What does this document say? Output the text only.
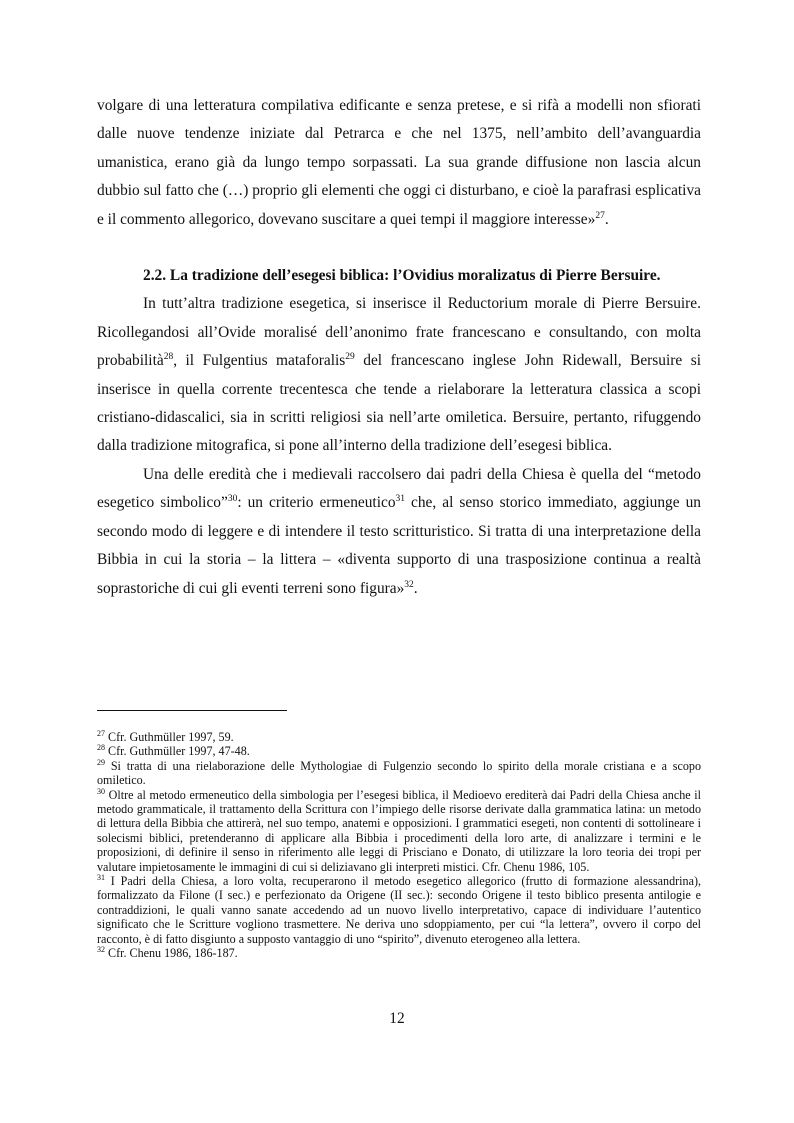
volgare di una letteratura compilativa edificante e senza pretese, e si rifà a modelli non sfiorati dalle nuove tendenze iniziate dal Petrarca e che nel 1375, nell’ambito dell’avanguardia umanistica, erano già da lungo tempo sorpassati. La sua grande diffusione non lascia alcun dubbio sul fatto che (…) proprio gli elementi che oggi ci disturbano, e cioè la parafrasi esplicativa e il commento allegorico, dovevano suscitare a quei tempi il maggiore interesse»$^{27}$.

2.2. La tradizione dell’esegesi biblica: l’Ovidius moralizatus di Pierre Bersuire.

In tutt’altra tradizione esegetica, si inserisce il Reductorium morale di Pierre Bersuire. Ricollegandosi all’Ovide moralisé dell’anonimo frate francescano e consultando, con molta probabilità$^{28}$, il Fulgentius mataforalis$^{29}$ del francescano inglese John Ridewall, Bersuire si inserisce in quella corrente trecentesca che tende a rielaborare la letteratura classica a scopi cristiano-didascalici, sia in scritti religiosi sia nell’arte omiletica. Bersuire, pertanto, rifuggendo dalla tradizione mitografica, si pone all’interno della tradizione dell’esegesi biblica.

Una delle eredità che i medievali raccolsero dai padri della Chiesa è quella del “metodo esegetico simbolico”$^{30}$: un criterio ermeneutico$^{31}$ che, al senso storico immediato, aggiunge un secondo modo di leggere e di intendere il testo scritturistico. Si tratta di una interpretazione della Bibbia in cui la storia – la littera – «diventa supporto di una trasposizione continua a realtà soprastoriche di cui gli eventi terreni sono figura»$^{32}$.

$^{27}$ Cfr. Guthmüller 1997, 59.

$^{28}$ Cfr. Guthmüller 1997, 47-48.

$^{29}$ Si tratta di una rielaborazione delle Mythologiae di Fulgenzio secondo lo spirito della morale cristiana e a scopo omiletico.

$^{30}$ Oltre al metodo ermeneutico della simbologia per l’esegesi biblica, il Medioevo erediterà dai Padri della Chiesa anche il metodo grammaticale, il trattamento della Scrittura con l’impiego delle risorse derivate dalla grammatica latina: un metodo di lettura della Bibbia che attirerà, nel suo tempo, anatemi e opposizioni. I grammatici esegeti, non contenti di sottolineare i solecismi biblici, pretenderanno di applicare alla Bibbia i procedimenti della loro arte, di analizzare i termini e le proposizioni, di definire il senso in riferimento alle leggi di Prisciano e Donato, di utilizzare la loro teoria dei tropi per valutare impietosamente le immagini di cui si deliziavano gli interpreti mistici. Cfr. Chenu 1986, 105.

$^{31}$ I Padri della Chiesa, a loro volta, recuperarono il metodo esegetico allegorico (frutto di formazione alessandrina), formalizzato da Filone (I sec.) e perfezionato da Origene (II sec.): secondo Origene il testo biblico presenta antilogie e contraddizioni, le quali vanno sanate accedendo ad un nuovo livello interpretativo, capace di individuare l’autentico significato che le Scritture vogliono trasmettere. Ne deriva uno sdoppiamento, per cui “la lettera”, ovvero il corpo del racconto, è di fatto disgiunto a supposto vantaggio di uno “spirito”, divenuto eterogeneo alla lettera.

$^{32}$ Cfr. Chenu 1986, 186-187.

12
